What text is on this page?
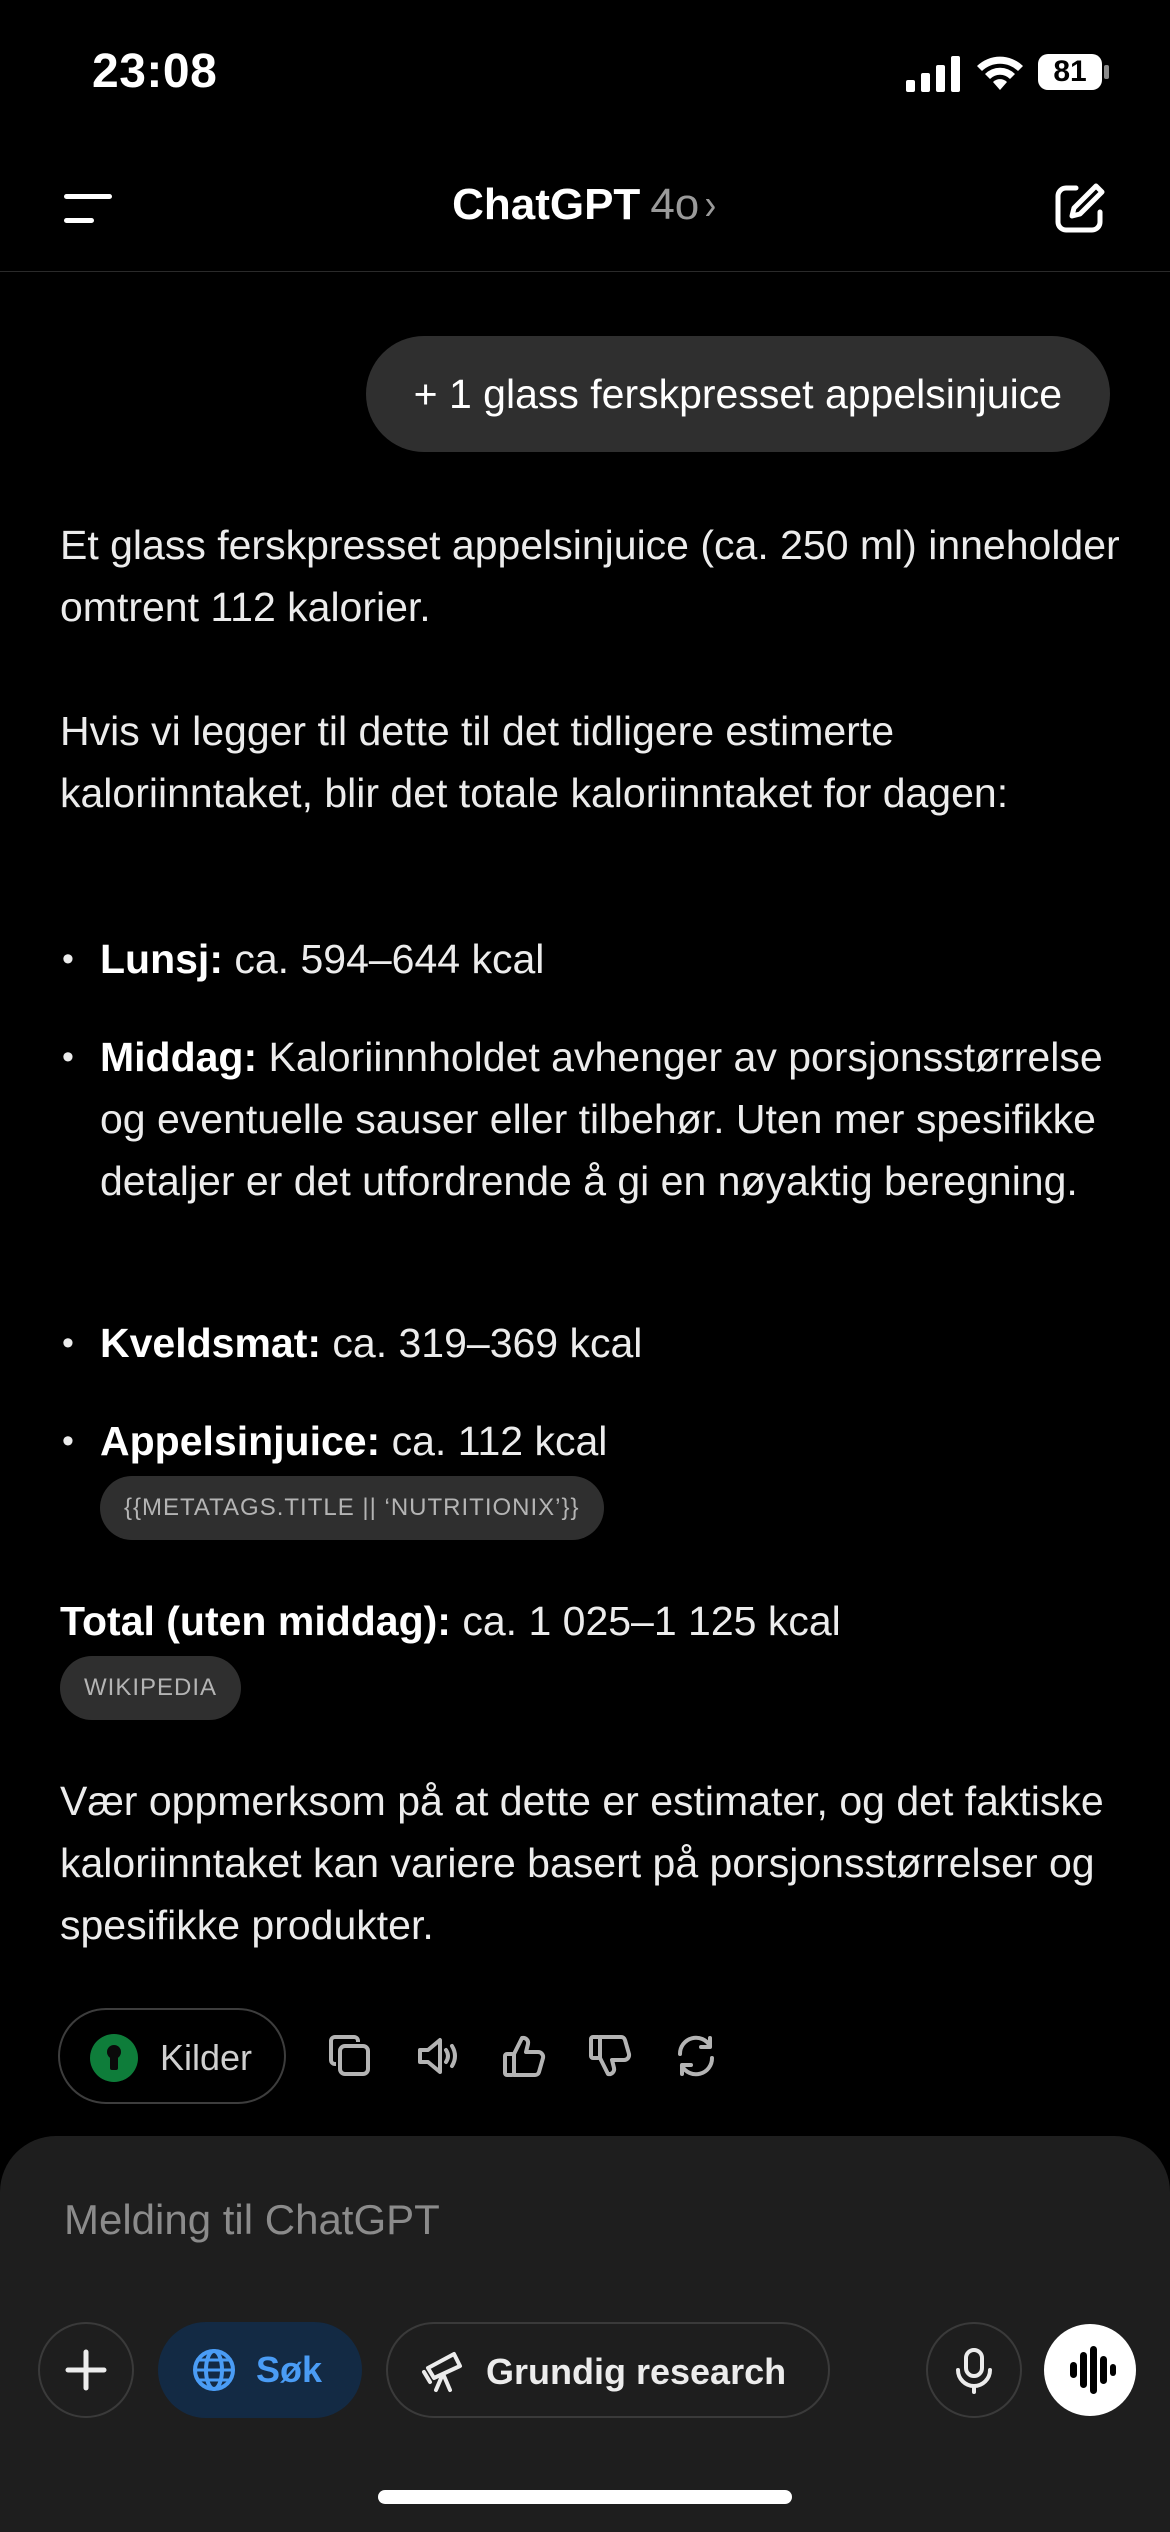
23:08	81
ChatGPT 4o ›
+ 1 glass ferskpresset appelsinjuice
Et glass ferskpresset appelsinjuice (ca. 250 ml) inneholder omtrent 112 kalorier.
Hvis vi legger til dette til det tidligere estimerte kaloriinntaket, blir det totale kaloriinntaket for dagen:
• Lunsj: ca. 594–644 kcal
• Middag: Kaloriinnholdet avhenger av porsjonsstørrelse og eventuelle sauser eller tilbehør. Uten mer spesifikke detaljer er det utfordrende å gi en nøyaktig beregning.
• Kveldsmat: ca. 319–369 kcal
• Appelsinjuice: ca. 112 kcal
{{METATAGS.TITLE || ‘NUTRITIONIX’}}
Total (uten middag): ca. 1 025–1 125 kcal
WIKIPEDIA
Vær oppmerksom på at dette er estimater, og det faktiske kaloriinntaket kan variere basert på porsjonsstørrelser og spesifikke produkter.
Kilder
Melding til ChatGPT
Søk	Grundig research
